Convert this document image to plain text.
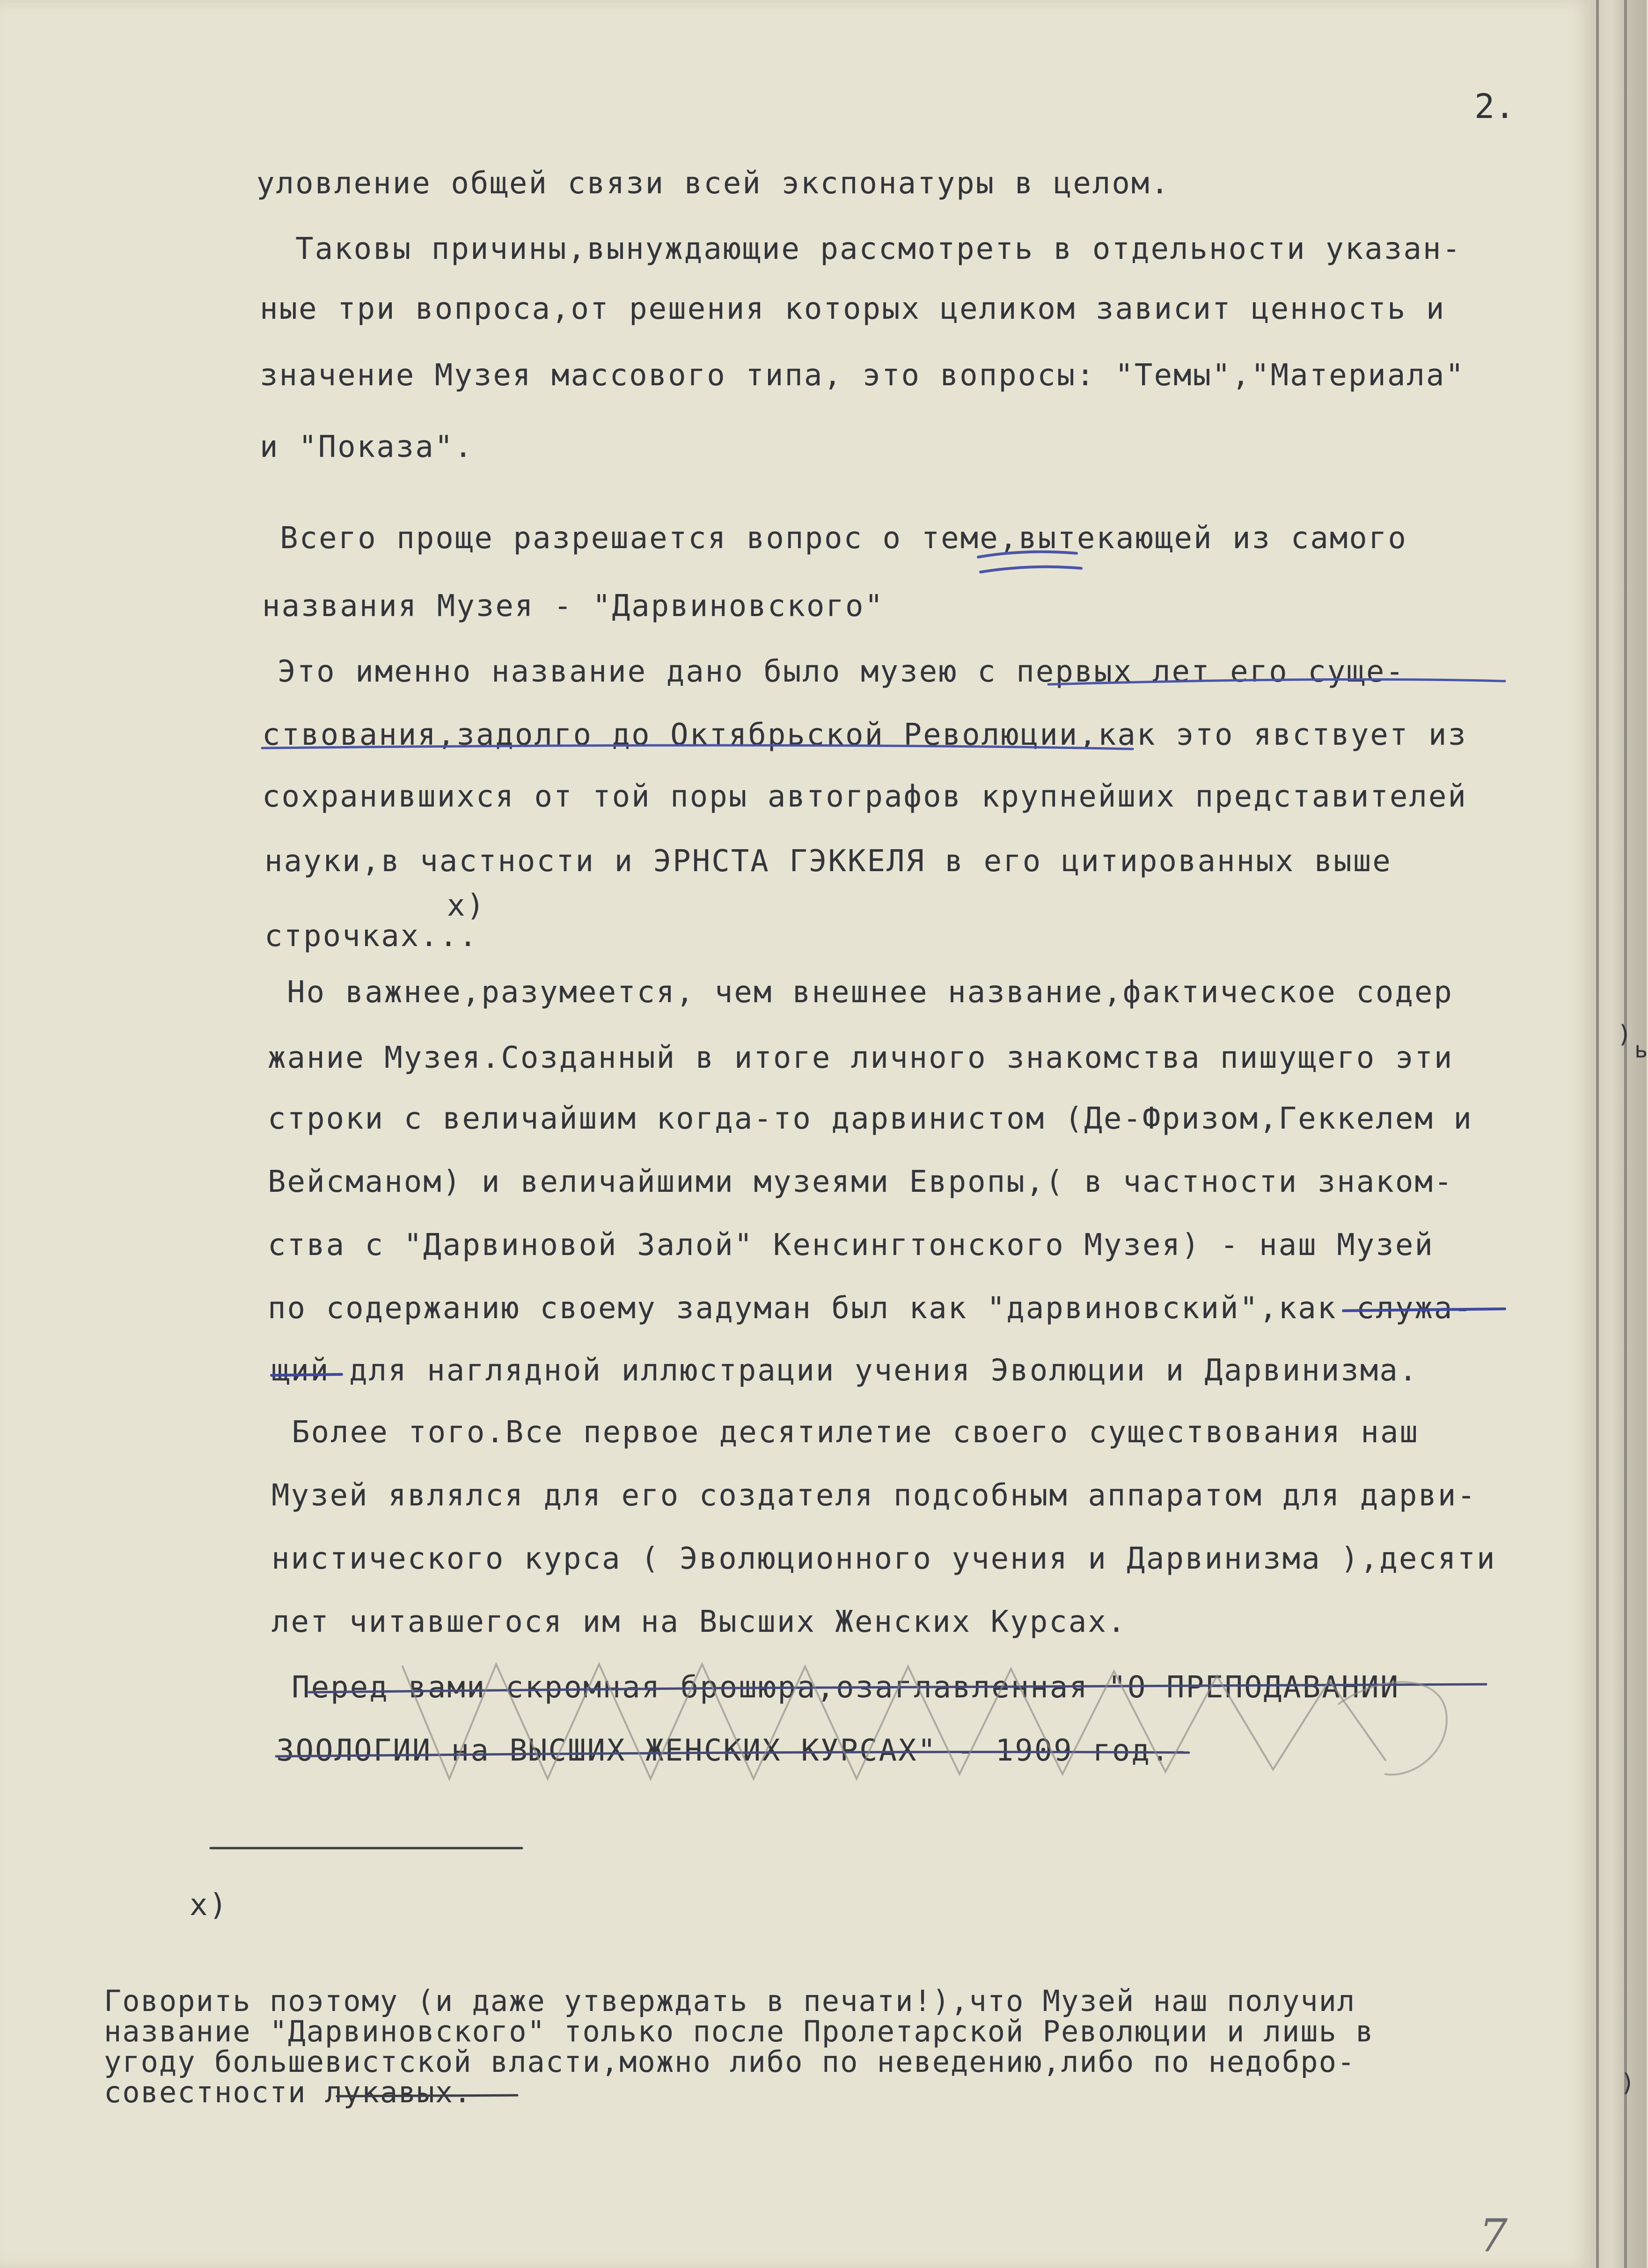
2.
уловление общей связи всей экспонатуры в целом.
Таковы причины,вынуждающие рассмотреть в отдельности указан-
ные три вопроса,от решения которых целиком зависит ценность и
значение Музея массового типа, это вопросы: "Темы","Материала"
и "Показа".
Всего проще разрешается вопрос о теме,вытекающей из самого
названия Музея - "Дарвиновского"
Это именно название дано было музею с первых лет его суще-
ствования,задолго до Октябрьской Революции,как это явствует из
сохранившихся от той поры автографов крупнейших представителей
науки,в частности и ЭРНСТА ГЭККЕЛЯ в его цитированных выше
x)
строчках...
Но важнее,разумеется, чем внешнее название,фактическое содер
жание Музея.Созданный в итоге личного знакомства пишущего эти
строки с величайшим когда-то дарвинистом (Де-Фризом,Геккелем и
Вейсманом) и величайшими музеями Европы,( в частности знаком-
ства с "Дарвиновой Залой" Кенсингтонского Музея) - наш Музей
по содержанию своему задуман был как "дарвиновский",как служа-
щий для наглядной иллюстрации учения Эволюции и Дарвинизма.
Более того.Все первое десятилетие своего существования наш
Музей являлся для его создателя подсобным аппаратом для дарви-
нистического курса ( Эволюционного учения и Дарвинизма ),десяти
лет читавшегося им на Высших Женских Курсах.
Перед вами скромная брошюра,озаглавленная "О ПРЕПОДАВАНИИ
ЗООЛОГИИ на ВЫСШИХ ЖЕНСКИХ КУРСАХ" - 1909 год.-
x)
Говорить поэтому (и даже утверждать в печати!),что Музей наш получил
название "Дарвиновского" только после Пролетарской Революции и лишь в
угоду большевистской власти,можно либо по неведению,либо по недобро-
совестности лукавых.
ь
)
)
7
